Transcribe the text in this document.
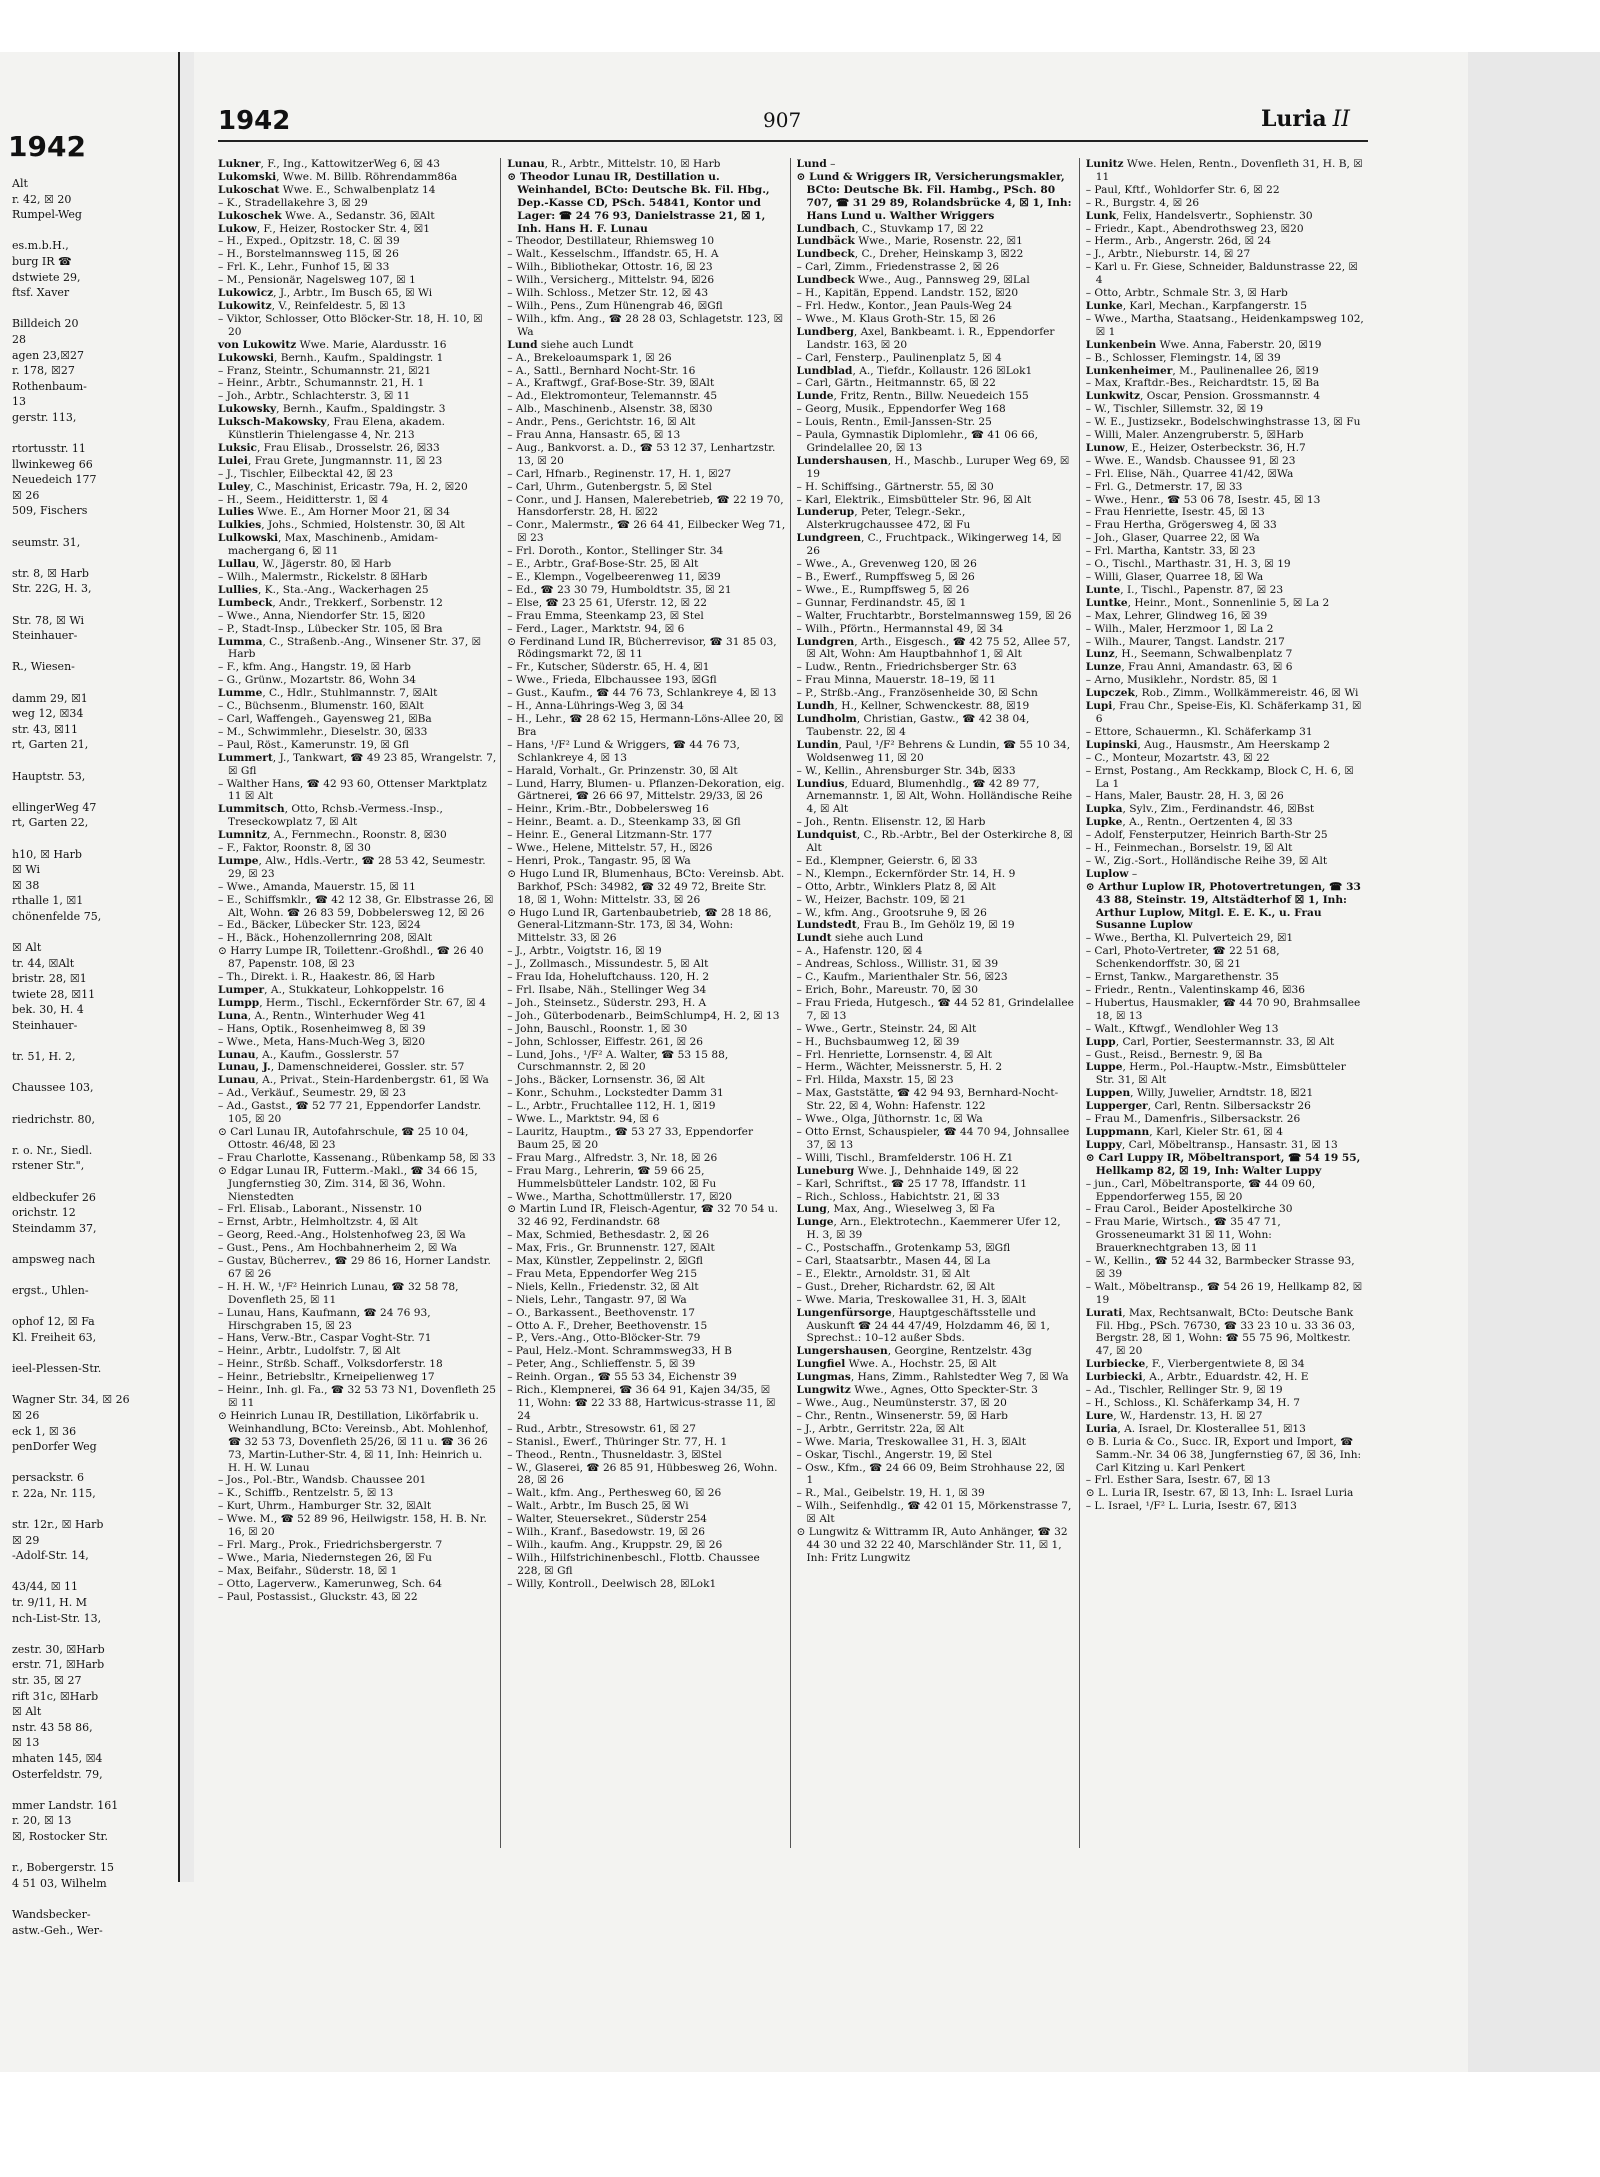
1942
Alt
r. 42, ☒ 20
Rumpel-Weg

es.m.b.H.,
burg IR ☎
dstwiete 29,
ftsf. Xaver

Billdeich 20
28
agen 23,☒27
r. 178, ☒27
Rothenbaum-
13
gerstr. 113,

rtortusstr. 11
llwinkeweg 66
Neuedeich 177
☒ 26
509, Fischers

seumstr. 31,

str. 8, ☒ Harb
Str. 22G, H. 3,

Str. 78, ☒ Wi
Steinhauer-

R., Wiesen-

damm 29, ☒1
weg 12, ☒34
str. 43, ☒11
rt, Garten 21,

Hauptstr. 53,

ellingerWeg 47
rt, Garten 22,

h10, ☒ Harb
☒ Wi
☒ 38
rthalle 1, ☒1
chönenfelde 75,

☒ Alt
tr. 44, ☒Alt
bristr. 28, ☒1
twiete 28, ☒11
bek. 30, H. 4
Steinhauer-

tr. 51, H. 2,

Chaussee 103,

riedrichstr. 80,

r. o. Nr., Siedl.
rstener Str.",

eldbeckufer 26
orichstr. 12
Steindamm 37,

ampsweg nach

ergst., Uhlen-

ophof 12, ☒ Fa
Kl. Freiheit 63,

ieel-Plessen-Str.

Wagner Str. 34, ☒ 26
☒ 26
eck 1, ☒ 36
penDorfer Weg

persackstr. 6
r. 22a, Nr. 115,

str. 12r., ☒ Harb
☒ 29
-Adolf-Str. 14,

43/44, ☒ 11
tr. 9/11, H. M
nch-List-Str. 13,

zestr. 30, ☒Harb
erstr. 71, ☒Harb
str. 35, ☒ 27
rift 31c, ☒Harb
☒ Alt
nstr. 43 58 86,
☒ 13
mhaten 145, ☒4
Osterfeldstr. 79,

mmer Landstr. 161
r. 20, ☒ 13
☒, Rostocker Str.

r., Bobergerstr. 15
4 51 03, Wilhelm

Wandsbecker-
astw.-Geh., Wer-
1942	907	Luria II
Lukner, F., Ing., KattowitzerWeg 6, ☒ 43
Lukomski, Wwe. M. Billb. Röhrendamm86a
Lukoschat Wwe. E., Schwalbenplatz 14
– K., Stradellakehre 3, ☒ 29
Lukoschek Wwe. A., Sedanstr. 36, ☒Alt
Lukow, F., Heizer, Rostocker Str. 4, ☒1
– H., Exped., Opitzstr. 18, C. ☒ 39
– H., Borstelmannsweg 115, ☒ 26
– Frl. K., Lehr., Funhof 15, ☒ 33
– M., Pensionär, Nagelsweg 107, ☒ 1
Lukowicz, J., Arbtr., Im Busch 65, ☒ Wi
Lukowitz, V., Reinfeldestr. 5, ☒ 13
– Viktor, Schlosser, Otto Blöcker-Str. 18, H. 10, ☒ 20
von Lukowitz Wwe. Marie, Alardusstr. 16
Lukowski, Bernh., Kaufm., Spaldingstr. 1
– Franz, Steintr., Schumannstr. 21, ☒21
– Heinr., Arbtr., Schumannstr. 21, H. 1
– Joh., Arbtr., Schlachterstr. 3, ☒ 11
Lukowsky, Bernh., Kaufm., Spaldingstr. 3
Luksch-Makowsky, Frau Elena, akadem. Künstlerin Thielengasse 4, Nr. 213
Luksic, Frau Elisab., Drosselstr. 26, ☒33
Lulei, Frau Grete, Jungmannstr. 11, ☒ 23
– J., Tischler, Eilbecktal 42, ☒ 23
Luley, C., Maschinist, Ericastr. 79a, H. 2, ☒20
– H., Seem., Heiditterstr. 1, ☒ 4
Lulies Wwe. E., Am Horner Moor 21, ☒ 34
Lulkies, Johs., Schmied, Holstenstr. 30, ☒ Alt
Lulkowski, Max, Maschinenb., Amidam-machergang 6, ☒ 11
Lullau, W., Jägerstr. 80, ☒ Harb
– Wilh., Malermstr., Rickelstr. 8 ☒Harb
Lullies, K., Sta.-Ang., Wackerhagen 25
Lumbeck, Andr., Trekkerf., Sorbenstr. 12
– Wwe., Anna, Niendorfer Str. 15, ☒20
– P., Stadt-Insp., Lübecker Str. 105, ☒ Bra
Lumma, C., Straßenb.-Ang., Winsener Str. 37, ☒ Harb
– F., kfm. Ang., Hangstr. 19, ☒ Harb
– G., Grünw., Mozartstr. 86, Wohn 34
Lumme, C., Hdlr., Stuhlmannstr. 7, ☒Alt
– C., Büchsenm., Blumenstr. 160, ☒Alt
– Carl, Waffengeh., Gayensweg 21, ☒Ba
– M., Schwimmlehr., Dieselstr. 30, ☒33
– Paul, Röst., Kamerunstr. 19, ☒ Gfl
Lummert, J., Tankwart, ☎ 49 23 85, Wrangelstr. 7, ☒ Gfl
– Walther Hans, ☎ 42 93 60, Ottenser Marktplatz 11 ☒ Alt
Lummitsch, Otto, Rchsb.-Vermess.-Insp., Treseckowplatz 7, ☒ Alt
Lumnitz, A., Fernmechn., Roonstr. 8, ☒30
– F., Faktor, Roonstr. 8, ☒ 30
Lumpe, Alw., Hdls.-Vertr., ☎ 28 53 42, Seumestr. 29, ☒ 23
– Wwe., Amanda, Mauerstr. 15, ☒ 11
– E., Schiffsmklr., ☎ 42 12 38, Gr. Elbstrasse 26, ☒ Alt, Wohn. ☎ 26 83 59, Dobbelersweg 12, ☒ 26
– Ed., Bäcker, Lübecker Str. 123, ☒24
– H., Bäck., Hohenzollernring 208, ☒Alt
⊙ Harry Lumpe IR, Toilettenr.-Großhdl., ☎ 26 40 87, Papenstr. 108, ☒ 23
– Th., Direkt. i. R., Haakestr. 86, ☒ Harb
Lumper, A., Stukkateur, Lohkoppelstr. 16
Lumpp, Herm., Tischl., Eckernförder Str. 67, ☒ 4
Luna, A., Rentn., Winterhuder Weg 41
– Hans, Optik., Rosenheimweg 8, ☒ 39
– Wwe., Meta, Hans-Much-Weg 3, ☒20
Lunau, A., Kaufm., Gosslerstr. 57
Lunau, J., Damenschneiderei, Gossler. str. 57
Lunau, A., Privat., Stein-Hardenbergstr. 61, ☒ Wa
– Ad., Verkäuf., Seumestr. 29, ☒ 23
– Ad., Gastst., ☎ 52 77 21, Eppendorfer Landstr. 105, ☒ 20
⊙ Carl Lunau IR, Autofahrschule, ☎ 25 10 04, Ottostr. 46/48, ☒ 23
– Frau Charlotte, Kassenang., Rübenkamp 58, ☒ 33
⊙ Edgar Lunau IR, Futterm.-Makl., ☎ 34 66 15, Jungfernstieg 30, Zim. 314, ☒ 36, Wohn. Nienstedten
– Frl. Elisab., Laborant., Nissenstr. 10
– Ernst, Arbtr., Helmholtzstr. 4, ☒ Alt
– Georg, Reed.-Ang., Holstenhofweg 23, ☒ Wa
– Gust., Pens., Am Hochbahnerheim 2, ☒ Wa
– Gustav, Bücherrev., ☎ 29 86 16, Horner Landstr. 67 ☒ 26
– H. H. W., ¹/F² Heinrich Lunau, ☎ 32 58 78, Dovenfleth 25, ☒ 11
– Lunau, Hans, Kaufmann, ☎ 24 76 93, Hirschgraben 15, ☒ 23
– Hans, Verw.-Btr., Caspar Voght-Str. 71
– Heinr., Arbtr., Ludolfstr. 7, ☒ Alt
– Heinr., Strßb. Schaff., Volksdorferstr. 18
– Heinr., Betriebsltr., Krneipelienweg 17
– Heinr., Inh. gl. Fa., ☎ 32 53 73 N1, Dovenfleth 25 ☒ 11
⊙ Heinrich Lunau IR, Destillation, Likörfabrik u. Weinhandlung, BCto: Vereinsb., Abt. Mohlenhof, ☎ 32 53 73, Dovenfleth 25/26, ☒ 11 u. ☎ 36 26 73, Martin-Luther-Str. 4, ☒ 11, Inh: Heinrich u. H. H. W. Lunau
– Jos., Pol.-Btr., Wandsb. Chaussee 201
– K., Schiffb., Rentzelstr. 5, ☒ 13
– Kurt, Uhrm., Hamburger Str. 32, ☒Alt
– Wwe. M., ☎ 52 89 96, Heilwigstr. 158, H. B. Nr. 16, ☒ 20
– Frl. Marg., Prok., Friedrichsbergerstr. 7
– Wwe., Maria, Niedernstegen 26, ☒ Fu
– Max, Beifahr., Süderstr. 18, ☒ 1
– Otto, Lagerverw., Kamerunweg, Sch. 64
– Paul, Postassist., Gluckstr. 43, ☒ 22
Lunau, R., Arbtr., Mittelstr. 10, ☒ Harb
⊙ Theodor Lunau IR, Destillation u. Weinhandel, BCto: Deutsche Bk. Fil. Hbg., Dep.-Kasse CD, PSch. 54841, Kontor und Lager: ☎ 24 76 93, Danielstrasse 21, ☒ 1, Inh. Hans H. F. Lunau
– Theodor, Destillateur, Rhiemsweg 10
– Walt., Kesselschm., Iffandstr. 65, H. A
– Wilh., Bibliothekar, Ottostr. 16, ☒ 23
– Wilh., Versicherg., Mittelstr. 94, ☒26
– Wilh. Schloss., Metzer Str. 12, ☒ 43
– Wilh., Pens., Zum Hünengrab 46, ☒Gfl
– Wilh., kfm. Ang., ☎ 28 28 03, Schlagetstr. 123, ☒ Wa
Lund siehe auch Lundt
– A., Brekeloaumspark 1, ☒ 26
– A., Sattl., Bernhard Nocht-Str. 16
– A., Kraftwgf., Graf-Bose-Str. 39, ☒Alt
– Ad., Elektromonteur, Telemannstr. 45
– Alb., Maschinenb., Alsenstr. 38, ☒30
– Andr., Pens., Gerichtstr. 16, ☒ Alt
– Frau Anna, Hansastr. 65, ☒ 13
– Aug., Bankvorst. a. D., ☎ 53 12 37, Lenhartzstr. 13, ☒ 20
– Carl, Hfnarb., Reginenstr. 17, H. 1, ☒27
– Carl, Uhrm., Gutenbergstr. 5, ☒ Stel
– Conr., und J. Hansen, Malerebetrieb, ☎ 22 19 70, Hansdorferstr. 28, H. ☒22
– Conr., Malermstr., ☎ 26 64 41, Eilbecker Weg 71, ☒ 23
– Frl. Doroth., Kontor., Stellinger Str. 34
– E., Arbtr., Graf-Bose-Str. 25, ☒ Alt
– E., Klempn., Vogelbeerenweg 11, ☒39
– Ed., ☎ 23 30 79, Humboldtstr. 35, ☒ 21
– Else, ☎ 23 25 61, Uferstr. 12, ☒ 22
– Frau Emma, Steenkamp 23, ☒ Stel
– Ferd., Lager., Marktstr. 94, ☒ 6
⊙ Ferdinand Lund IR, Bücherrevisor, ☎ 31 85 03, Rödingsmarkt 72, ☒ 11
– Fr., Kutscher, Süderstr. 65, H. 4, ☒1
– Wwe., Frieda, Elbchaussee 193, ☒Gfl
– Gust., Kaufm., ☎ 44 76 73, Schlankreye 4, ☒ 13
– H., Anna-Lührings-Weg 3, ☒ 34
– H., Lehr., ☎ 28 62 15, Hermann-Löns-Allee 20, ☒ Bra
– Hans, ¹/F² Lund & Wriggers, ☎ 44 76 73, Schlankreye 4, ☒ 13
– Harald, Vorhalt., Gr. Prinzenstr. 30, ☒ Alt
– Lund, Harry, Blumen- u. Pflanzen-Dekoration, eig. Gärtnerei, ☎ 26 66 97, Mittelstr. 29/33, ☒ 26
– Heinr., Krim.-Btr., Dobbelersweg 16
– Heinr., Beamt. a. D., Steenkamp 33, ☒ Gfl
– Heinr. E., General Litzmann-Str. 177
– Wwe., Helene, Mittelstr. 57, H., ☒26
– Henri, Prok., Tangastr. 95, ☒ Wa
⊙ Hugo Lund IR, Blumenhaus, BCto: Vereinsb. Abt. Barkhof, PSch: 34982, ☎ 32 49 72, Breite Str. 18, ☒ 1, Wohn: Mittelstr. 33, ☒ 26
⊙ Hugo Lund IR, Gartenbaubetrieb, ☎ 28 18 86, General-Litzmann-Str. 173, ☒ 34, Wohn: Mittelstr. 33, ☒ 26
– J., Arbtr., Voigtstr. 16, ☒ 19
– J., Zollmasch., Missundestr. 5, ☒ Alt
– Frau Ida, Hoheluftchauss. 120, H. 2
– Frl. Ilsabe, Näh., Stellinger Weg 34
– Joh., Steinsetz., Süderstr. 293, H. A
– Joh., Güterbodenarb., BeimSchlump4, H. 2, ☒ 13
– John, Bauschl., Roonstr. 1, ☒ 30
– John, Schlosser, Eiffestr. 261, ☒ 26
– Lund, Johs., ¹/F² A. Walter, ☎ 53 15 88, Curschmannstr. 2, ☒ 20
– Johs., Bäcker, Lornsenstr. 36, ☒ Alt
– Konr., Schuhm., Lockstedter Damm 31
– L., Arbtr., Fruchtallee 112, H. 1, ☒19
– Wwe. L., Marktstr. 94, ☒ 6
– Lauritz, Hauptm., ☎ 53 27 33, Eppendorfer Baum 25, ☒ 20
– Frau Marg., Alfredstr. 3, Nr. 18, ☒ 26
– Frau Marg., Lehrerin, ☎ 59 66 25, Hummelsbütteler Landstr. 102, ☒ Fu
– Wwe., Martha, Schottmüllerstr. 17, ☒20
⊙ Martin Lund IR, Fleisch-Agentur, ☎ 32 70 54 u. 32 46 92, Ferdinandstr. 68
– Max, Schmied, Bethesdastr. 2, ☒ 26
– Max, Fris., Gr. Brunnenstr. 127, ☒Alt
– Max, Künstler, Zeppelinstr. 2, ☒Gfl
– Frau Meta, Eppendorfer Weg 215
– Niels, Kelln., Friedenstr. 32, ☒ Alt
– Niels, Lehr., Tangastr. 97, ☒ Wa
– O., Barkassent., Beethovenstr. 17
– Otto A. F., Dreher, Beethovenstr. 15
– P., Vers.-Ang., Otto-Blöcker-Str. 79
– Paul, Helz.-Mont. Schrammsweg33, H B
– Peter, Ang., Schlieffenstr. 5, ☒ 39
– Reinh. Organ., ☎ 55 53 34, Eichenstr 39
– Rich., Klempnerei, ☎ 36 64 91, Kajen 34/35, ☒ 11, Wohn: ☎ 22 33 88, Hartwicus-strasse 11, ☒ 24
– Rud., Arbtr., Stresowstr. 61, ☒ 27
– Stanisl., Ewerf., Thüringer Str. 77, H. 1
– Theod., Rentn., Thusneldastr. 3, ☒Stel
– W., Glaserei, ☎ 26 85 91, Hübbesweg 26, Wohn. 28, ☒ 26
– Walt., kfm. Ang., Perthesweg 60, ☒ 26
– Walt., Arbtr., Im Busch 25, ☒ Wi
– Walter, Steuersekret., Süderstr 254
– Wilh., Kranf., Basedowstr. 19, ☒ 26
– Wilh., kaufm. Ang., Kruppstr. 29, ☒ 26
– Wilh., Hilfstrichinenbeschl., Flottb. Chaussee 228, ☒ Gfl
– Willy, Kontroll., Deelwisch 28, ☒Lok1
Lund –
⊙ Lund & Wriggers IR, Versicherungsmakler, BCto: Deutsche Bk. Fil. Hambg., PSch. 80 707, ☎ 31 29 89, Rolandsbrücke 4, ☒ 1, Inh: Hans Lund u. Walther Wriggers
Lundbach, C., Stuvkamp 17, ☒ 22
Lundbäck Wwe., Marie, Rosenstr. 22, ☒1
Lundbeck, C., Dreher, Heinskamp 3, ☒22
– Carl, Zimm., Friedenstrasse 2, ☒ 26
Lundbeck Wwe., Aug., Pannsweg 29, ☒Lal
– H., Kapitän, Eppend. Landstr. 152, ☒20
– Frl. Hedw., Kontor., Jean Pauls-Weg 24
– Wwe., M. Klaus Groth-Str. 15, ☒ 26
Lundberg, Axel, Bankbeamt. i. R., Eppendorfer Landstr. 163, ☒ 20
– Carl, Fensterp., Paulinenplatz 5, ☒ 4
Lundblad, A., Tiefdr., Kollaustr. 126 ☒Lok1
– Carl, Gärtn., Heitmannstr. 65, ☒ 22
Lunde, Fritz, Rentn., Billw. Neuedeich 155
– Georg, Musik., Eppendorfer Weg 168
– Louis, Rentn., Emil-Janssen-Str. 25
– Paula, Gymnastik Diplomlehr., ☎ 41 06 66, Grindelallee 20, ☒ 13
Lundershausen, H., Maschb., Luruper Weg 69, ☒ 19
– H. Schiffsing., Gärtnerstr. 55, ☒ 30
– Karl, Elektrik., Eimsbütteler Str. 96, ☒ Alt
Lunderup, Peter, Telegr.-Sekr., Alsterkrugchaussee 472, ☒ Fu
Lundgreen, C., Fruchtpack., Wikingerweg 14, ☒ 26
– Wwe., A., Grevenweg 120, ☒ 26
– B., Ewerf., Rumpffsweg 5, ☒ 26
– Wwe., E., Rumpffsweg 5, ☒ 26
– Gunnar, Ferdinandstr. 45, ☒ 1
– Walter, Fruchtarbtr., Borstelmannsweg 159, ☒ 26
– Wilh., Pförtn., Hermannstal 49, ☒ 34
Lundgren, Arth., Eisgesch., ☎ 42 75 52, Allee 57, ☒ Alt, Wohn: Am Hauptbahnhof 1, ☒ Alt
– Ludw., Rentn., Friedrichsberger Str. 63
– Frau Minna, Mauerstr. 18–19, ☒ 11
– P., Strßb.-Ang., Französenheide 30, ☒ Schn
Lundh, H., Kellner, Schwenckestr. 88, ☒19
Lundholm, Christian, Gastw., ☎ 42 38 04, Taubenstr. 22, ☒ 4
Lundin, Paul, ¹/F² Behrens & Lundin, ☎ 55 10 34, Woldsenweg 11, ☒ 20
– W., Kellin., Ahrensburger Str. 34b, ☒33
Lundius, Eduard, Blumenhdlg., ☎ 42 89 77, Arnemannstr. 1, ☒ Alt, Wohn. Holländische Reihe 4, ☒ Alt
– Joh., Rentn. Elisenstr. 12, ☒ Harb
Lundquist, C., Rb.-Arbtr., Bel der Osterkirche 8, ☒ Alt
– Ed., Klempner, Geierstr. 6, ☒ 33
– N., Klempn., Eckernförder Str. 14, H. 9
– Otto, Arbtr., Winklers Platz 8, ☒ Alt
– W., Heizer, Bachstr. 109, ☒ 21
– W., kfm. Ang., Grootsruhe 9, ☒ 26
Lundstedt, Frau B., Im Gehölz 19, ☒ 19
Lundt siehe auch Lund
– A., Hafenstr. 120, ☒ 4
– Andreas, Schloss., Willistr. 31, ☒ 39
– C., Kaufm., Marienthaler Str. 56, ☒23
– Erich, Bohr., Mareustr. 70, ☒ 30
– Frau Frieda, Hutgesch., ☎ 44 52 81, Grindelallee 7, ☒ 13
– Wwe., Gertr., Steinstr. 24, ☒ Alt
– H., Buchsbaumweg 12, ☒ 39
– Frl. Henriette, Lornsenstr. 4, ☒ Alt
– Herm., Wächter, Meissnerstr. 5, H. 2
– Frl. Hilda, Maxstr. 15, ☒ 23
– Max, Gaststätte, ☎ 42 94 93, Bernhard-Nocht-Str. 22, ☒ 4, Wohn: Hafenstr. 122
– Wwe., Olga, Jüthornstr. 1c, ☒ Wa
– Otto Ernst, Schauspieler, ☎ 44 70 94, Johnsallee 37, ☒ 13
– Willi, Tischl., Bramfelderstr. 106 H. Z1
Luneburg Wwe. J., Dehnhaide 149, ☒ 22
– Karl, Schriftst., ☎ 25 17 78, Iffandstr. 11
– Rich., Schloss., Habichtstr. 21, ☒ 33
Lung, Max, Ang., Wieselweg 3, ☒ Fa
Lunge, Arn., Elektrotechn., Kaemmerer Ufer 12, H. 3, ☒ 39
– C., Postschaffn., Grotenkamp 53, ☒Gfl
– Carl, Staatsarbtr., Masen 44, ☒ La
– E., Elektr., Arnoldstr. 31, ☒ Alt
– Gust., Dreher, Richardstr. 62, ☒ Alt
– Wwe. Maria, Treskowallee 31, H. 3, ☒Alt
Lungenfürsorge, Hauptgeschäftsstelle und Auskunft ☎ 24 44 47/49, Holzdamm 46, ☒ 1, Sprechst.: 10–12 außer Sbds.
Lungershausen, Georgine, Rentzelstr. 43g
Lungfiel Wwe. A., Hochstr. 25, ☒ Alt
Lungmas, Hans, Zimm., Rahlstedter Weg 7, ☒ Wa
Lungwitz Wwe., Agnes, Otto Speckter-Str. 3
– Wwe., Aug., Neumünsterstr. 37, ☒ 20
– Chr., Rentn., Winsenerstr. 59, ☒ Harb
– J., Arbtr., Gerritstr. 22a, ☒ Alt
– Wwe. Maria, Treskowallee 31, H. 3, ☒Alt
– Oskar, Tischl., Angerstr. 19, ☒ Stel
– Osw., Kfm., ☎ 24 66 09, Beim Strohhause 22, ☒ 1
– R., Mal., Geibelstr. 19, H. 1, ☒ 39
– Wilh., Seifenhdlg., ☎ 42 01 15, Mörkenstrasse 7, ☒ Alt
⊙ Lungwitz & Wittramm IR, Auto Anhänger, ☎ 32 44 30 und 32 22 40, Marschländer Str. 11, ☒ 1, Inh: Fritz Lungwitz
Lunitz Wwe. Helen, Rentn., Dovenfleth 31, H. B, ☒ 11
– Paul, Kftf., Wohldorfer Str. 6, ☒ 22
– R., Burgstr. 4, ☒ 26
Lunk, Felix, Handelsvertr., Sophienstr. 30
– Friedr., Kapt., Abendrothsweg 23, ☒20
– Herm., Arb., Angerstr. 26d, ☒ 24
– J., Arbtr., Nieburstr. 14, ☒ 27
– Karl u. Fr. Giese, Schneider, Baldunstrasse 22, ☒ 4
– Otto, Arbtr., Schmale Str. 3, ☒ Harb
Lunke, Karl, Mechan., Karpfangerstr. 15
– Wwe., Martha, Staatsang., Heidenkampsweg 102, ☒ 1
Lunkenbein Wwe. Anna, Faberstr. 20, ☒19
– B., Schlosser, Flemingstr. 14, ☒ 39
Lunkenheimer, M., Paulinenallee 26, ☒19
– Max, Kraftdr.-Bes., Reichardtstr. 15, ☒ Ba
Lunkwitz, Oscar, Pension. Grossmannstr. 4
– W., Tischler, Sillemstr. 32, ☒ 19
– W. E., Justizsekr., Bodelschwinghstrasse 13, ☒ Fu
– Willi, Maler. Anzengruberstr. 5, ☒Harb
Lunow, E., Heizer, Osterbeckstr. 36, H.7
– Wwe. E., Wandsb. Chaussee 91, ☒ 23
– Frl. Elise, Näh., Quarree 41/42, ☒Wa
– Frl. G., Detmerstr. 17, ☒ 33
– Wwe., Henr., ☎ 53 06 78, Isestr. 45, ☒ 13
– Frau Henriette, Isestr. 45, ☒ 13
– Frau Hertha, Grögersweg 4, ☒ 33
– Joh., Glaser, Quarree 22, ☒ Wa
– Frl. Martha, Kantstr. 33, ☒ 23
– O., Tischl., Marthastr. 31, H. 3, ☒ 19
– Willi, Glaser, Quarree 18, ☒ Wa
Lunte, I., Tischl., Papenstr. 87, ☒ 23
Luntke, Heinr., Mont., Sonnenlinie 5, ☒ La 2
– Max, Lehrer, Glindweg 16, ☒ 39
– Wilh., Maler, Herzmoor 1, ☒ La 2
– Wilh., Maurer, Tangst. Landstr. 217
Lunz, H., Seemann, Schwalbenplatz 7
Lunze, Frau Anni, Amandastr. 63, ☒ 6
– Arno, Musiklehr., Nordstr. 85, ☒ 1
Lupczek, Rob., Zimm., Wollkämmereistr. 46, ☒ Wi
Lupi, Frau Chr., Speise-Eis, Kl. Schäferkamp 31, ☒ 6
– Ettore, Schauermn., Kl. Schäferkamp 31
Lupinski, Aug., Hausmstr., Am Heerskamp 2
– C., Monteur, Mozartstr. 43, ☒ 22
– Ernst, Postang., Am Reckkamp, Block C, H. 6, ☒ La 1
– Hans, Maler, Baustr. 28, H. 3, ☒ 26
Lupka, Sylv., Zim., Ferdinandstr. 46, ☒Bst
Lupke, A., Rentn., Oertzenten 4, ☒ 33
– Adolf, Fensterputzer, Heinrich Barth-Str 25
– H., Feinmechan., Borselstr. 19, ☒ Alt
– W., Zig.-Sort., Holländische Reihe 39, ☒ Alt
Luplow –
⊙ Arthur Luplow IR, Photovertretungen, ☎ 33 43 88, Steinstr. 19, Altstädterhof ☒ 1, Inh: Arthur Luplow, Mitgl. E. E. K., u. Frau Susanne Luplow
– Wwe., Bertha, Kl. Pulverteich 29, ☒1
– Carl, Photo-Vertreter, ☎ 22 51 68, Schenkendorffstr. 30, ☒ 21
– Ernst, Tankw., Margarethenstr. 35
– Friedr., Rentn., Valentinskamp 46, ☒36
– Hubertus, Hausmakler, ☎ 44 70 90, Brahmsallee 18, ☒ 13
– Walt., Kftwgf., Wendlohler Weg 13
Lupp, Carl, Portier, Seestermannstr. 33, ☒ Alt
– Gust., Reisd., Bernestr. 9, ☒ Ba
Luppe, Herm., Pol.-Hauptw.-Mstr., Eimsbütteler Str. 31, ☒ Alt
Luppen, Willy, Juwelier, Arndtstr. 18, ☒21
Lupperger, Carl, Rentn. Silbersackstr 26
– Frau M., Damenfris., Silbersackstr. 26
Luppmann, Karl, Kieler Str. 61, ☒ 4
Luppy, Carl, Möbeltransp., Hansastr. 31, ☒ 13
⊙ Carl Luppy IR, Möbeltransport, ☎ 54 19 55, Hellkamp 82, ☒ 19, Inh: Walter Luppy
– jun., Carl, Möbeltransporte, ☎ 44 09 60, Eppendorferweg 155, ☒ 20
– Frau Carol., Beider Apostelkirche 30
– Frau Marie, Wirtsch., ☎ 35 47 71, Grosseneumarkt 31 ☒ 11, Wohn: Brauerknechtgraben 13, ☒ 11
– W., Kellin., ☎ 52 44 32, Barmbecker Strasse 93, ☒ 39
– Walt., Möbeltransp., ☎ 54 26 19, Hellkamp 82, ☒ 19
Lurati, Max, Rechtsanwalt, BCto: Deutsche Bank Fil. Hbg., PSch. 76730, ☎ 33 23 10 u. 33 36 03, Bergstr. 28, ☒ 1, Wohn: ☎ 55 75 96, Moltkestr. 47, ☒ 20
Lurbiecke, F., Vierbergentwiete 8, ☒ 34
Lurbiecki, A., Arbtr., Eduardstr. 42, H. E
– Ad., Tischler, Rellinger Str. 9, ☒ 19
– H., Schloss., Kl. Schäferkamp 34, H. 7
Lure, W., Hardenstr. 13, H. ☒ 27
Luria, A. Israel, Dr. Klosterallee 51, ☒13
⊙ B. Luria & Co., Succ. IR, Export und Import, ☎ Samm.-Nr. 34 06 38, Jungfernstieg 67, ☒ 36, Inh: Carl Kitzing u. Karl Penkert
– Frl. Esther Sara, Isestr. 67, ☒ 13
⊙ L. Luria IR, Isestr. 67, ☒ 13, Inh: L. Israel Luria
– L. Israel, ¹/F² L. Luria, Isestr. 67, ☒13
